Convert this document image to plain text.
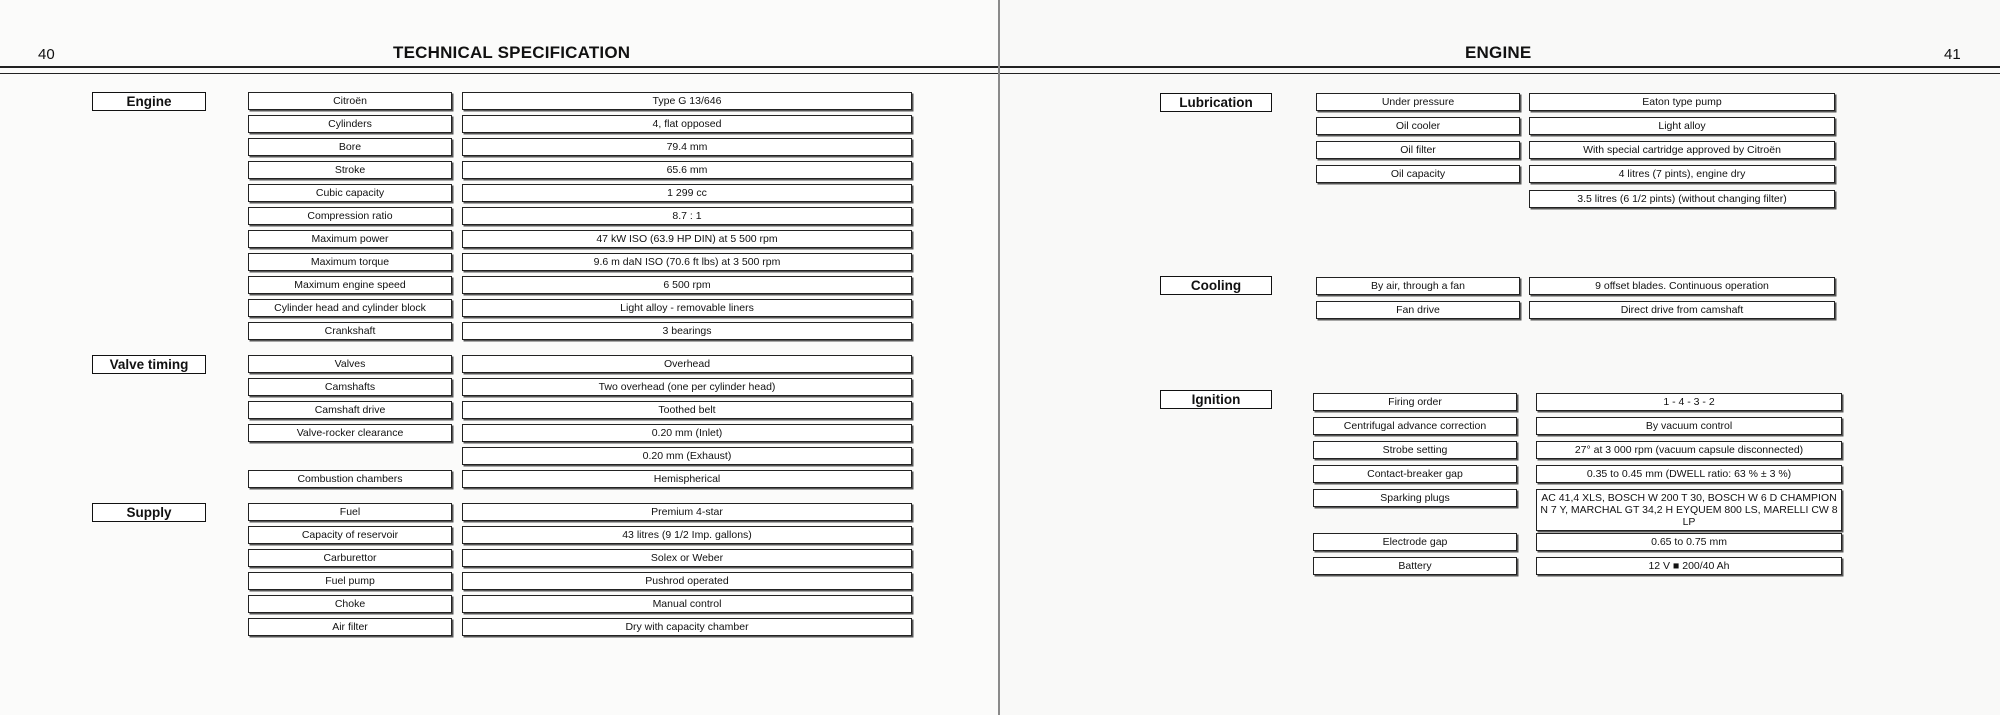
40	TECHNICAL SPECIFICATION
Engine	Citroën	Type G 13/646
Cylinders	4, flat opposed
Bore	79.4 mm
Stroke	65.6 mm
Cubic capacity	1 299 cc
Compression ratio	8.7 : 1
Maximum power	47 kW ISO (63.9 HP DIN) at 5 500 rpm
Maximum torque	9.6 m daN ISO (70.6 ft lbs) at 3 500 rpm
Maximum engine speed	6 500 rpm
Cylinder head and cylinder block	Light alloy - removable liners
Crankshaft	3 bearings
Valve timing	Valves	Overhead
Camshafts	Two overhead (one per cylinder head)
Camshaft drive	Toothed belt
Valve-rocker clearance	0.20 mm (Inlet)
0.20 mm (Exhaust)
Combustion chambers	Hemispherical
Supply	Fuel	Premium 4-star
Capacity of reservoir	43 litres (9 1/2 Imp. gallons)
Carburettor	Solex or Weber
Fuel pump	Pushrod operated
Choke	Manual control
Air filter	Dry with capacity chamber
ENGINE	41
Lubrication	Under pressure	Eaton type pump
Oil cooler	Light alloy
Oil filter	With special cartridge approved by Citroën
Oil capacity	4 litres (7 pints), engine dry
3.5 litres (6 1/2 pints) (without changing filter)
Cooling	By air, through a fan	9 offset blades. Continuous operation
Fan drive	Direct drive from camshaft
Ignition	Firing order	1 - 4 - 3 - 2
Centrifugal advance correction	By vacuum control
Strobe setting	27° at 3 000 rpm (vacuum capsule disconnected)
Contact-breaker gap	0.35 to 0.45 mm (DWELL ratio: 63 % ± 3 %)
Sparking plugs	AC 41,4 XLS, BOSCH W 200 T 30, BOSCH W 6 D CHAMPION N 7 Y, MARCHAL GT 34,2 H EYQUEM 800 LS, MARELLI CW 8 LP
Electrode gap	0.65 to 0.75 mm
Battery	12 V ■ 200/40 Ah
